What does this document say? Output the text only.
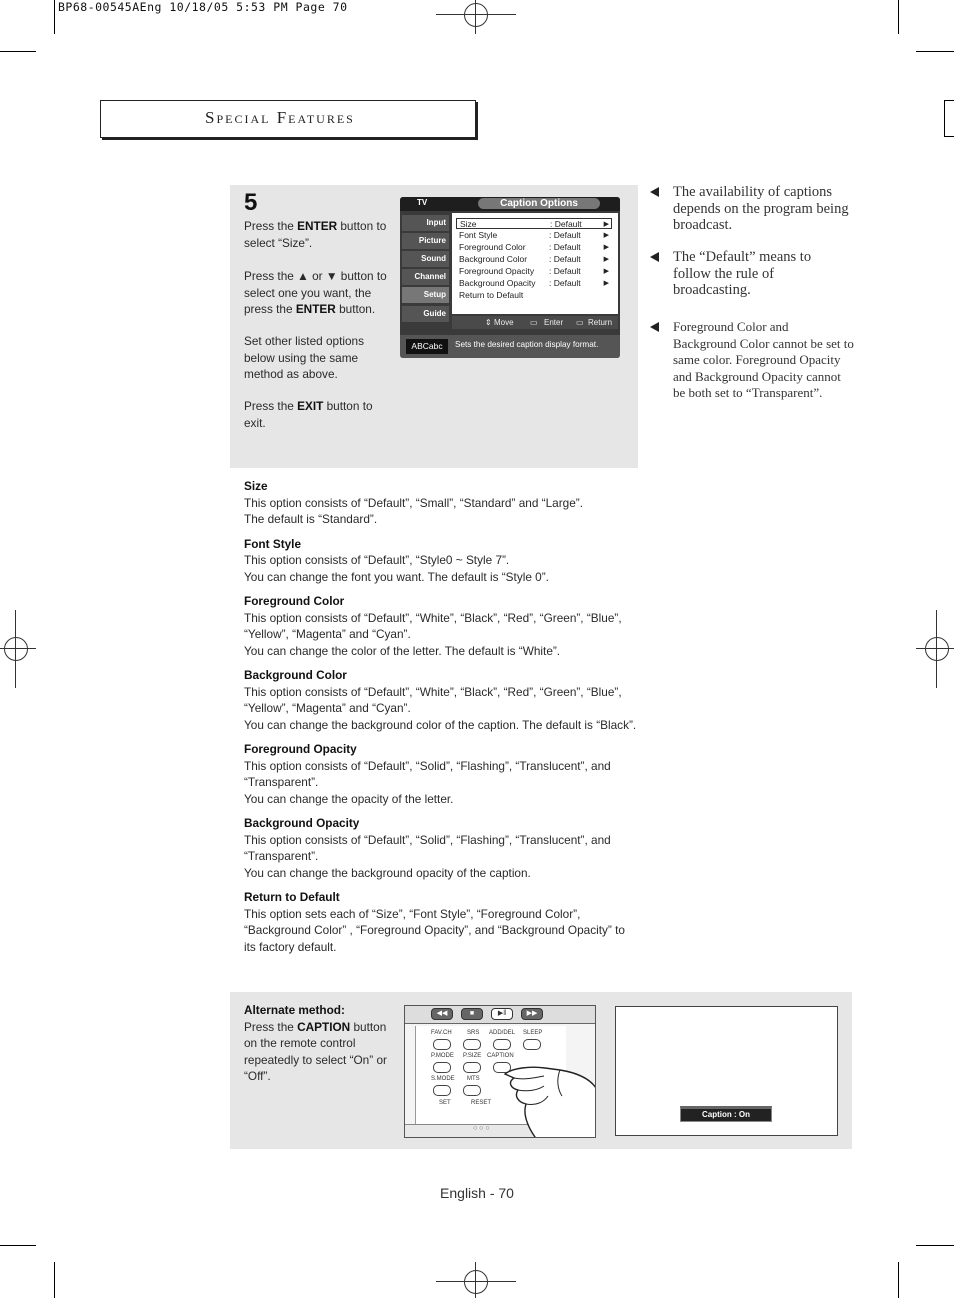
BP68-00545AEng 10/18/05 5:53 PM Page 70
Special Features
5
Press the ENTER button to select “Size”.
Press the ▲ or ▼ button to select one you want, the press the ENTER button.
Set other listed options below using the same method as above.
Press the EXIT button to exit.
TV	Caption Options
Input
Picture
Sound
Channel
Setup
Guide
Size	: Default	▶
Font Style	: Default	▶
Foreground Color	: Default	▶
Background Color	: Default	▶
Foreground Opacity : Default	▶
Background Opacity : Default	▶
Return to Default
⇕ Move ▭ Enter ▭ Return
ABCabc	Sets the desired caption display format.
The availability of captions depends on the program being broadcast.
The “Default” means to follow the rule of broadcasting.
Foreground Color and Background Color cannot be set to same color. Foreground Opacity and Background Opacity cannot be both set to “Transparent”.
Size
This option consists of “Default”, “Small”, “Standard” and “Large”.
The default is “Standard”.
Font Style
This option consists of “Default”, “Style0 ~ Style 7”.
You can change the font you want. The default is “Style 0”.
Foreground Color
This option consists of “Default”, “White”, “Black”, “Red”, “Green”, “Blue”, “Yellow”, “Magenta” and “Cyan”.
You can change the color of the letter. The default is “White”.
Background Color
This option consists of “Default”, “White”, “Black”, “Red”, “Green”, “Blue”, “Yellow”, “Magenta” and “Cyan”.
You can change the background color of the caption. The default is “Black”.
Foreground Opacity
This option consists of “Default”, “Solid”, “Flashing”, “Translucent”, and “Transparent”.
You can change the opacity of the letter.
Background Opacity
This option consists of “Default”, “Solid”, “Flashing”, “Translucent”, and “Transparent”.
You can change the background opacity of the caption.
Return to Default
This option sets each of “Size”, “Font Style”, “Foreground Color”, “Background Color” , “Foreground Opacity”, and “Background Opacity” to its factory default.
Alternate method:
Press the CAPTION button on the remote control repeatedly to select “On” or “Off”.
◀◀	■	▶‖	▶▶
FAV.CH	SRS ADD/DEL SLEEP
P.MODE P.SIZE CAPTION
S.MODE MTS
SET	RESET
○ ○ ○
Caption : On
English - 70
